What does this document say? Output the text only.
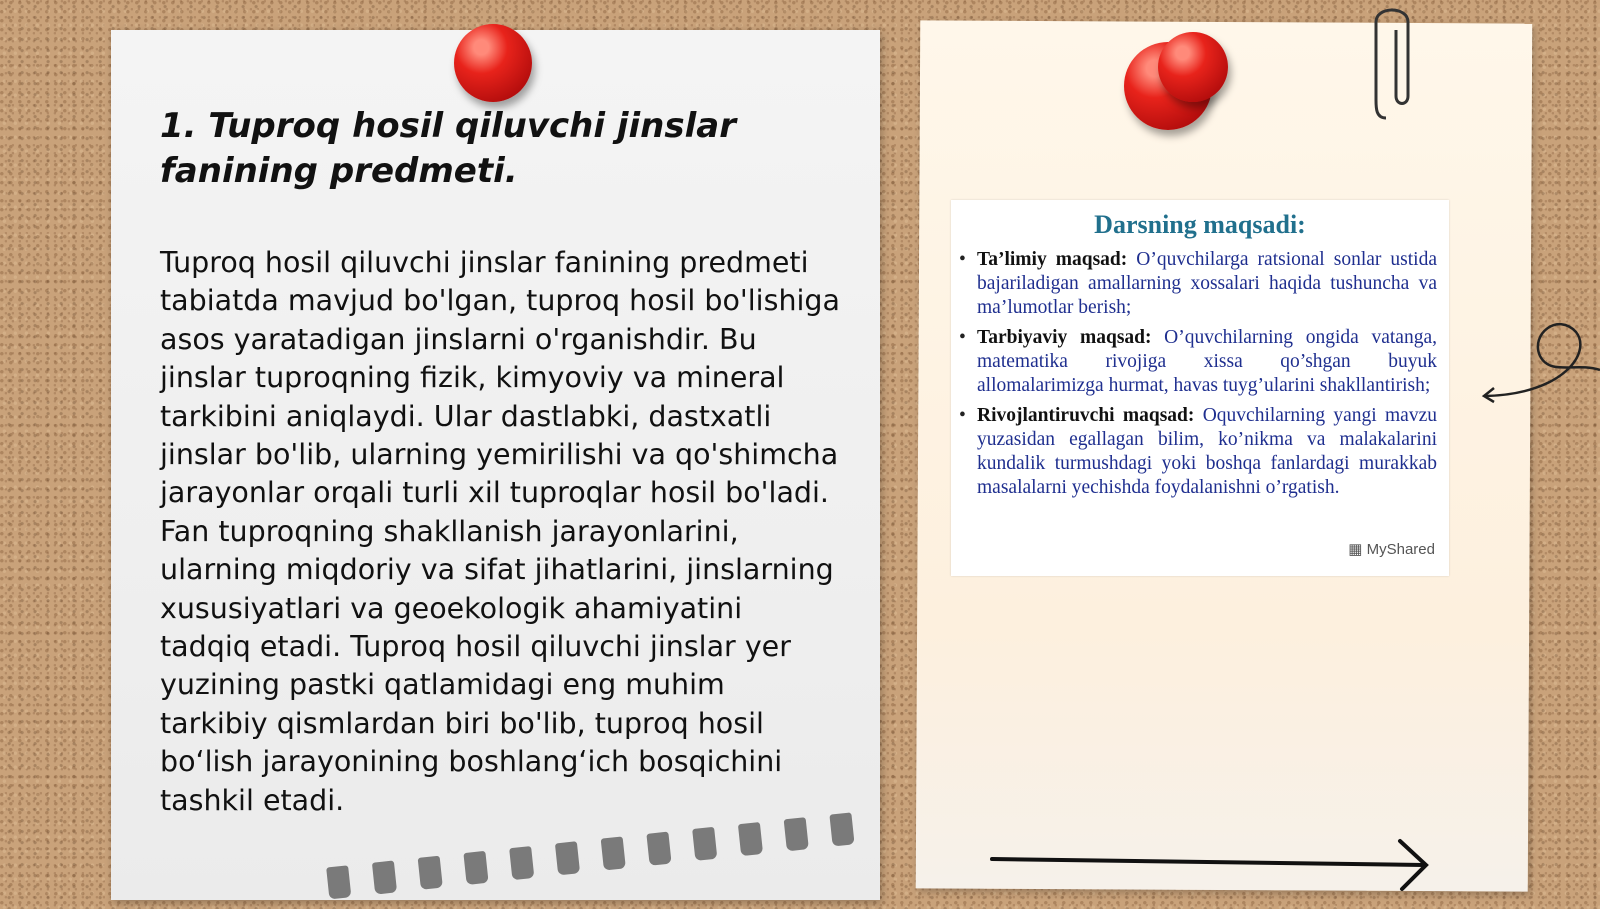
1. Tuproq hosil qiluvchi jinslar fanining predmeti.

Tuproq hosil qiluvchi jinslar fanining predmeti tabiatda mavjud bo'lgan, tuproq hosil bo'lishiga asos yaratadigan jinslarni o'rganishdir. Bu jinslar tuproqning fizik, kimyoviy va mineral tarkibini aniqlaydi. Ular dastlabki, dastxatli jinslar bo'lib, ularning yemirilishi va qo'shimcha jarayonlar orqali turli xil tuproqlar hosil bo'ladi. Fan tuproqning shakllanish jarayonlarini, ularning miqdoriy va sifat jihatlarini, jinslarning xususiyatlari va geoekologik ahamiyatini tadqiq etadi. Tuproq hosil qiluvchi jinslar yer yuzining pastki qatlamidagi eng muhim tarkibiy qismlardan biri bo'lib, tuproq hosil bo‘lish jarayonining boshlang‘ich bosqichini tashkil etadi.

Darsning maqsadi:
• Ta’limiy maqsad: O’quvchilarga ratsional sonlar ustida bajariladigan amallarning xossalari haqida tushuncha va ma’lumotlar berish;
• Tarbiyaviy maqsad: O’quvchilarning ongida vatanga, matematika rivojiga xissa qo’shgan buyuk allomalarimizga hurmat, havas tuyg’ularini shakllantirish;
• Rivojlantiruvchi maqsad: Oquvchilarning yangi mavzu yuzasidan egallagan bilim, ko’nikma va malakalarini kundalik turmushdagi yoki boshqa fanlardagi murakkab masalalarni yechishda foydalanishni o’rgatish.
▦ MyShared
